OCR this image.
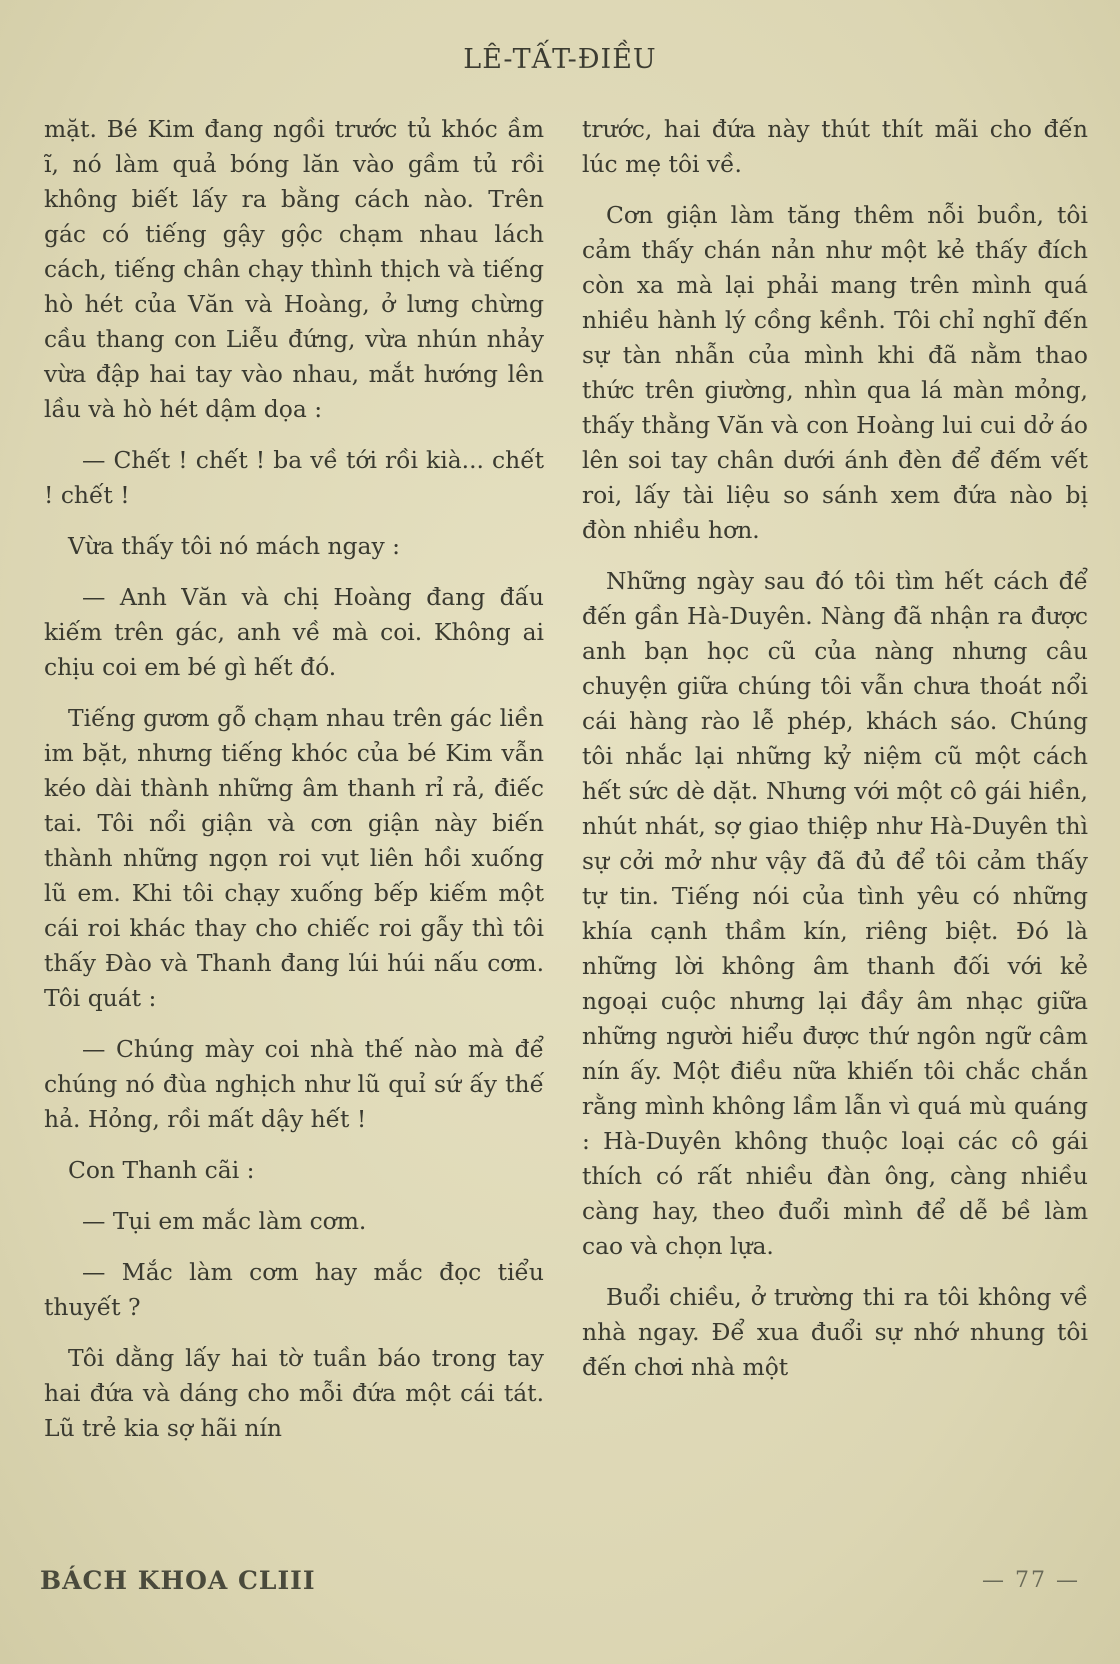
LÊ-TẤT-ĐIỀU

mặt. Bé Kim đang ngồi trước tủ khóc ầm ĩ, nó làm quả bóng lăn vào gầm tủ rồi không biết lấy ra bằng cách nào. Trên gác có tiếng gậy gộc chạm nhau lách cách, tiếng chân chạy thình thịch và tiếng hò hét của Văn và Hoàng, ở lưng chừng cầu thang con Liễu đứng, vừa nhún nhảy vừa đập hai tay vào nhau, mắt hướng lên lầu và hò hét dậm dọa :

— Chết ! chết ! ba về tới rồi kià... chết ! chết !

Vừa thấy tôi nó mách ngay :

— Anh Văn và chị Hoàng đang đấu kiếm trên gác, anh về mà coi. Không ai chịu coi em bé gì hết đó.

Tiếng gươm gỗ chạm nhau trên gác liền im bặt, nhưng tiếng khóc của bé Kim vẫn kéo dài thành những âm thanh rỉ rả, điếc tai. Tôi nổi giận và cơn giận này biến thành những ngọn roi vụt liên hồi xuống lũ em. Khi tôi chạy xuống bếp kiếm một cái roi khác thay cho chiếc roi gẫy thì tôi thấy Đào và Thanh đang lúi húi nấu cơm. Tôi quát :

— Chúng mày coi nhà thế nào mà để chúng nó đùa nghịch như lũ quỉ sứ ấy thế hả. Hỏng, rồi mất dậy hết !

Con Thanh cãi :

— Tụi em mắc làm cơm.

— Mắc làm cơm hay mắc đọc tiểu thuyết ?

Tôi dằng lấy hai tờ tuần báo trong tay hai đứa và dáng cho mỗi đứa một cái tát. Lũ trẻ kia sợ hãi nín

trước, hai đứa này thút thít mãi cho đến lúc mẹ tôi về.

Cơn giận làm tăng thêm nỗi buồn, tôi cảm thấy chán nản như một kẻ thấy đích còn xa mà lại phải mang trên mình quá nhiều hành lý cồng kềnh. Tôi chỉ nghĩ đến sự tàn nhẫn của mình khi đã nằm thao thức trên giường, nhìn qua lá màn mỏng, thấy thằng Văn và con Hoàng lui cui dở áo lên soi tay chân dưới ánh đèn để đếm vết roi, lấy tài liệu so sánh xem đứa nào bị đòn nhiều hơn.

Những ngày sau đó tôi tìm hết cách để đến gần Hà-Duyên. Nàng đã nhận ra được anh bạn học cũ của nàng nhưng câu chuyện giữa chúng tôi vẫn chưa thoát nổi cái hàng rào lễ phép, khách sáo. Chúng tôi nhắc lại những kỷ niệm cũ một cách hết sức dè dặt. Nhưng với một cô gái hiền, nhút nhát, sợ giao thiệp như Hà-Duyên thì sự cởi mở như vậy đã đủ để tôi cảm thấy tự tin. Tiếng nói của tình yêu có những khía cạnh thầm kín, riêng biệt. Đó là những lời không âm thanh đối với kẻ ngoại cuộc nhưng lại đầy âm nhạc giữa những người hiểu được thứ ngôn ngữ câm nín ấy. Một điều nữa khiến tôi chắc chắn rằng mình không lầm lẫn vì quá mù quáng : Hà-Duyên không thuộc loại các cô gái thích có rất nhiều đàn ông, càng nhiều càng hay, theo đuổi mình để dễ bề làm cao và chọn lựa.

Buổi chiều, ở trường thi ra tôi không về nhà ngay. Để xua đuổi sự nhớ nhung tôi đến chơi nhà một

BÁCH KHOA CLIII	— 77 —
